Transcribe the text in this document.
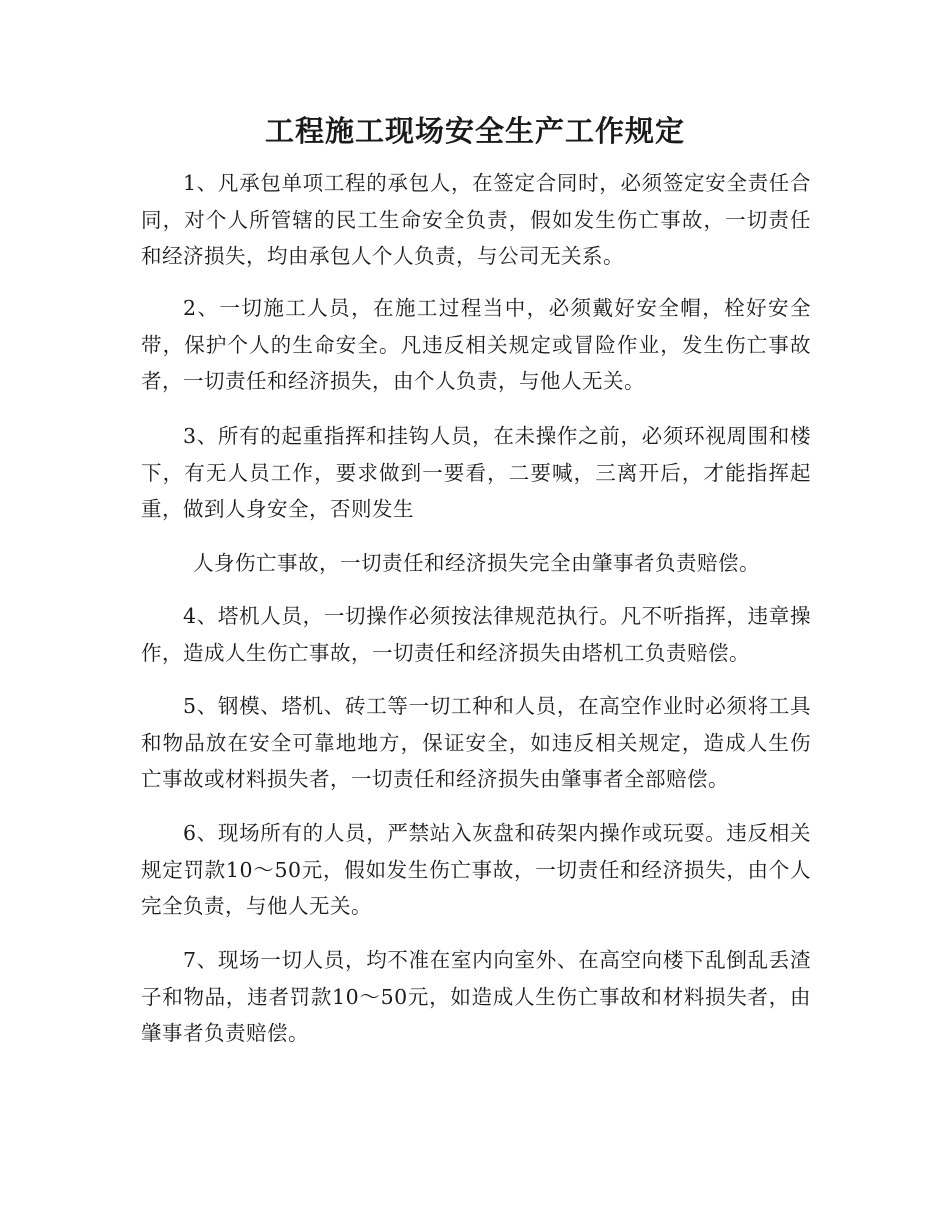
工程施工现场安全生产工作规定

1、凡承包单项工程的承包人，在签定合同时，必须签定安全责任合同，对个人所管辖的民工生命安全负责，假如发生伤亡事故，一切责任和经济损失，均由承包人个人负责，与公司无关系。

2、一切施工人员，在施工过程当中，必须戴好安全帽，栓好安全带，保护个人的生命安全。凡违反相关规定或冒险作业，发生伤亡事故者，一切责任和经济损失，由个人负责，与他人无关。

3、所有的起重指挥和挂钩人员，在未操作之前，必须环视周围和楼下，有无人员工作，要求做到一要看，二要喊，三离开后，才能指挥起重，做到人身安全，否则发生

人身伤亡事故，一切责任和经济损失完全由肇事者负责赔偿。

4、塔机人员，一切操作必须按法律规范执行。凡不听指挥，违章操作，造成人生伤亡事故，一切责任和经济损失由塔机工负责赔偿。

5、钢模、塔机、砖工等一切工种和人员，在高空作业时必须将工具和物品放在安全可靠地地方，保证安全，如违反相关规定，造成人生伤亡事故或材料损失者，一切责任和经济损失由肇事者全部赔偿。

6、现场所有的人员，严禁站入灰盘和砖架内操作或玩耍。违反相关规定罚款10～50元，假如发生伤亡事故，一切责任和经济损失，由个人完全负责，与他人无关。

7、现场一切人员，均不准在室内向室外、在高空向楼下乱倒乱丢渣子和物品，违者罚款10～50元，如造成人生伤亡事故和材料损失者，由肇事者负责赔偿。
